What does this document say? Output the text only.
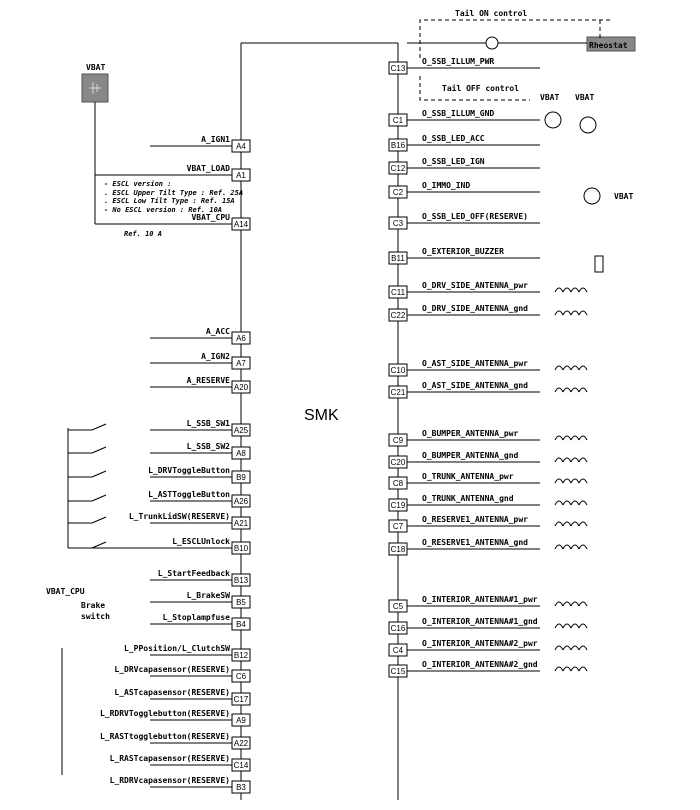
A4
A_IGN1
A1
VBAT_LOAD
A14
VBAT_CPU
A6
A_ACC
A7
A_IGN2
A20
A_RESERVE
A25
L_SSB_SW1
A8
L_SSB_SW2
B9
L_DRVToggleButton
A26
L_ASTToggleButton
A21
L_TrunkLidSW(RESERVE)
B10
L_ESCLUnlock
B13
L_StartFeedback
B5
L_BrakeSW
B4
L_Stoplampfuse
B12
L_PPosition/L_ClutchSW
C6
L_DRVcapasensor(RESERVE)
C17
L_ASTcapasensor(RESERVE)
A9
L_RDRVTogglebutton(RESERVE)
A22
L_RASTtogglebutton(RESERVE)
C14
L_RASTcapasensor(RESERVE)
B3
L_RDRVcapasensor(RESERVE)
C13
O_SSB_ILLUM_PWR
C1
O_SSB_ILLUM_GND
B16
O_SSB_LED_ACC
C12
O_SSB_LED_IGN
C2
O_IMMO_IND
C3
O_SSB_LED_OFF(RESERVE)
B11
O_EXTERIOR_BUZZER
C11
O_DRV_SIDE_ANTENNA_pwr
C22
O_DRV_SIDE_ANTENNA_gnd
C10
O_AST_SIDE_ANTENNA_pwr
C21
O_AST_SIDE_ANTENNA_gnd
C9
O_BUMPER_ANTENNA_pwr
C20
O_BUMPER_ANTENNA_gnd
C8
O_TRUNK_ANTENNA_pwr
C19
O_TRUNK_ANTENNA_gnd
C7
O_RESERVE1_ANTENNA_pwr
C18
O_RESERVE1_ANTENNA_gnd
C5
O_INTERIOR_ANTENNA#1_pwr
C16
O_INTERIOR_ANTENNA#1_gnd
C4
O_INTERIOR_ANTENNA#2_pwr
C15
O_INTERIOR_ANTENNA#2_gnd
SMK
Tail ON control
Tail OFF control
Rheostat
VBAT
VBAT VBAT
VBAT
VBAT_CPU
Brake
switch
- ESCL version :
. ESCL Upper Tilt Type : Ref. 25A
. ESCL Low Tilt Type : Ref. 15A
- No ESCL version : Ref. 10A
Ref. 10 A
